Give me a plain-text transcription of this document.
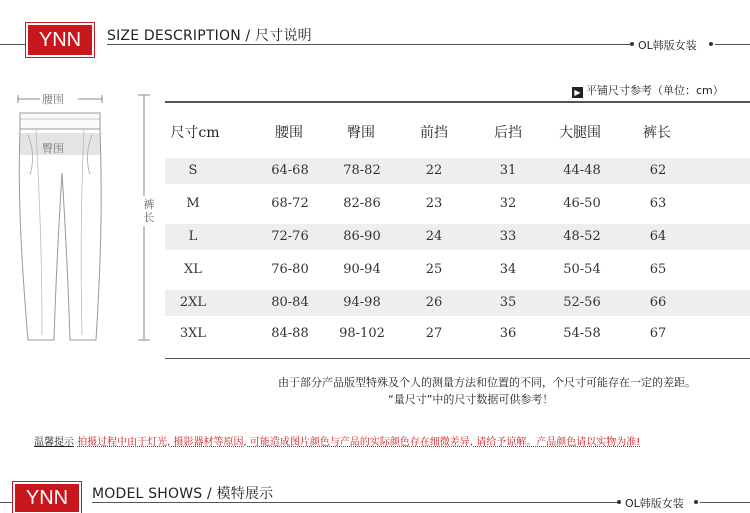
YNN	SIZE DESCRIPTION / 尺寸说明
OL韩版女装
腰围
臀围
裤
长
▶ 平铺尺寸参考（单位：cm）
尺寸cm	腰围	臀围	前挡	后挡	大腿围	裤长
S	64-68	78-82	22	31	44-48	62
M	68-72	82-86	23	32	46-50	63
L	72-76	86-90	24	33	48-52	64
XL	76-80	90-94	25	34	50-54	65
2XL	80-84	94-98	26	35	52-56	66
3XL	84-88	98-102	27	36	54-58	67
由于部分产品版型特殊及个人的测量方法和位置的不同，个尺寸可能存在一定的差距。
“量尺寸”中的尺寸数据可供参考！
温馨提示 拍摄过程中由于灯光, 摄影器材等原因, 可能造成图片颜色与产品的实际颜色存在细微差异, 请给予谅解。产品颜色请以实物为准!
YNN	MODEL SHOWS / 模特展示
OL韩版女装
